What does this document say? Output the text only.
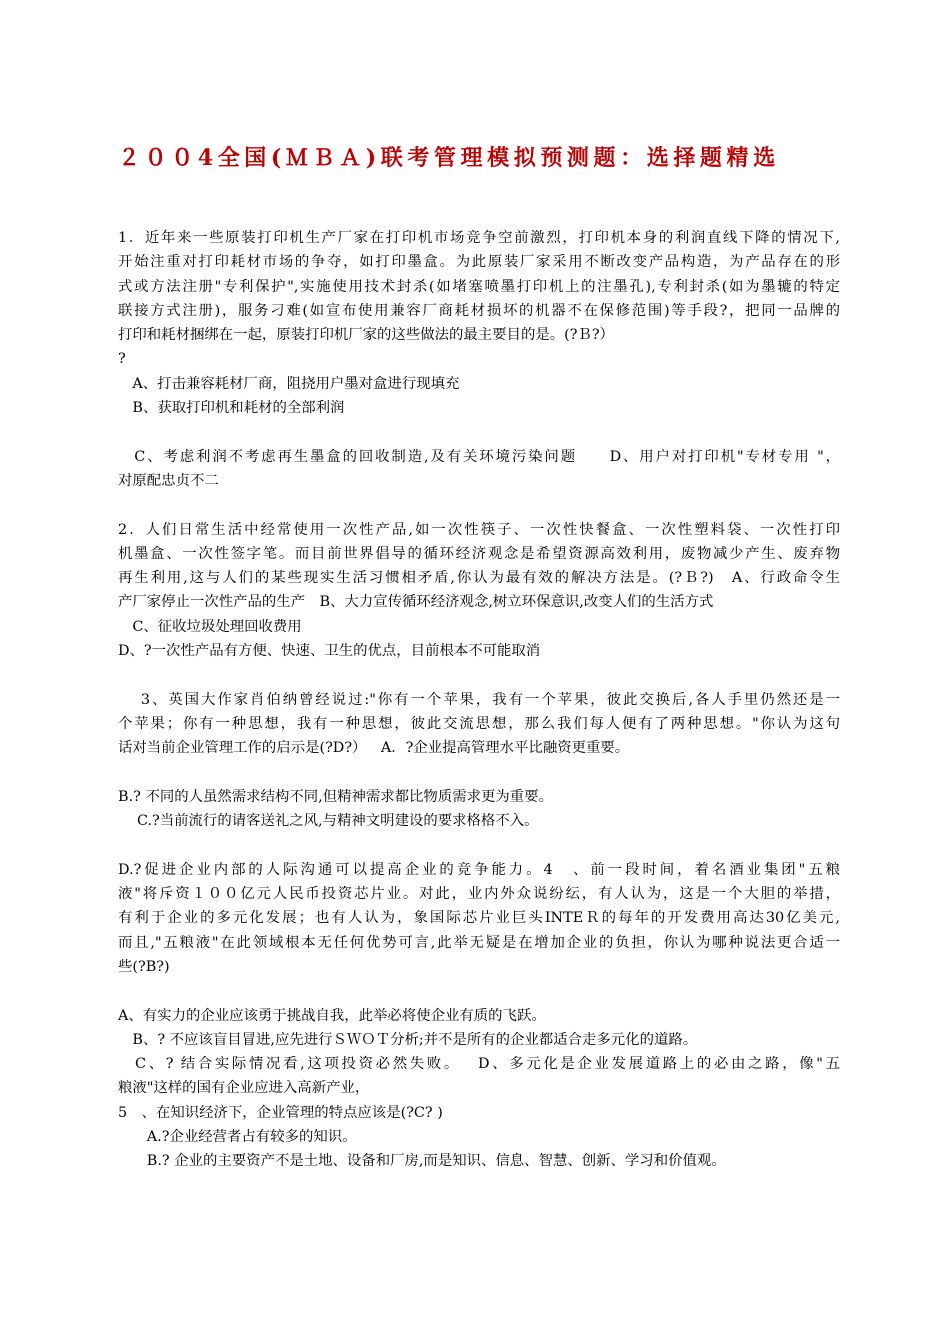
２００4全国(ＭＢＡ)联考管理模拟预测题：选择题精选
1．近年来一些原装打印机生产厂家在打印机市场竞争空前激烈，打印机本身的利润直线下降的情况下,
开始注重对打印耗材市场的争夺，如打印墨盒。为此原装厂家采用不断改变产品构造，为产品存在的形
式或方法注册"专利保护",实施使用技术封杀(如堵塞喷墨打印机上的注墨孔),专利封杀(如为墨辘的特定
联接方式注册)，服务刁难(如宣布使用兼容厂商耗材损坏的机器不在保修范围)等手段?，把同一品牌的
打印和耗材捆绑在一起，原装打印机厂家的这些做法的最主要目的是。(?Ｂ?）
﻿?
　A、打击兼容耗材厂商，阻挠用户墨对盒进行现填充
﻿　B、获取打印机和耗材的全部利润
　C、考虑利润不考虑再生墨盒的回收制造,及有关环境污染问题﻿﻿　　D、用户对打印机"专材专用 "，
对原配忠贞不二
2．人们日常生活中经常使用一次性产品,如一次性筷子、一次性快餐盒、一次性塑料袋、一次性打印
机墨盒、一次性签字笔。而目前世界倡导的循环经济观念是希望资源高效利用，废物减少产生、废弃物
再生利用,这与人们的某些现实生活习惯相矛盾,你认为最有效的解决方法是。(?Ｂ?)﻿﻿　A、行政命令生
产厂家停止一次性产品的生产﻿﻿　B、大力宣传循环经济观念,树立环保意识,改变人们的生活方式
﻿　C、征收垃圾处理回收费用
﻿D、?一次性产品有方便、快速、卫生的优点，目前根本不可能取消
　 3、英国大作家肖伯纳曾经说过:"你有一个苹果，我有一个苹果，彼此交换后,各人手里仍然还是一
个苹果；你有一种思想，我有一种思想，彼此交流思想，那么我们每人便有了两种思想。"你认为这句
话对当前企业管理工作的启示是(?D?）﻿﻿　A．?企业提高管理水平比融资更重要。
B.? 不同的人虽然需求结构不同,但精神需求都比物质需求更为重要。
﻿　 C.?当前流行的请客送礼之风,与精神文明建设的要求格格不入。
D.?促进企业内部的人际沟通可以提高企业的竞争能力。4　﻿﻿、前一段时间，着名酒业集团"五粮
液"将斥资１００亿元人民币投资芯片业。对此，业内外众说纷纭，有人认为，这是一个大胆的举措，
有利于企业的多元化发展；也有人认为，象国际芯片业巨头INTEＲ的每年的开发费用高达30亿美元,
而且,"五粮液"在此领域根本无任何优势可言,此举无疑是在增加企业的负担，你认为哪种说法更合适一
些(?B?)
A、有实力的企业应该勇于挑战自我，此举必将使企业有质的飞跃。
﻿　B、? 不应该盲目冒进,应先进行ＳＷＯＴ分析;并不是所有的企业都适合走多元化的道路。
﻿　C、? 结合实际情况看,这项投资必然失败。﻿﻿　D、多元化是企业发展道路上的必由之路，像"五
粮液"这样的国有企业应进入高新产业，
5　﻿、在知识经济下，企业管理的特点应该是(?C? )﻿
　　A.?企业经营者占有较多的知识。﻿
　　B.? 企业的主要资产不是土地、设备和厂房,而是知识、信息、智慧、创新、学习和价值观。
